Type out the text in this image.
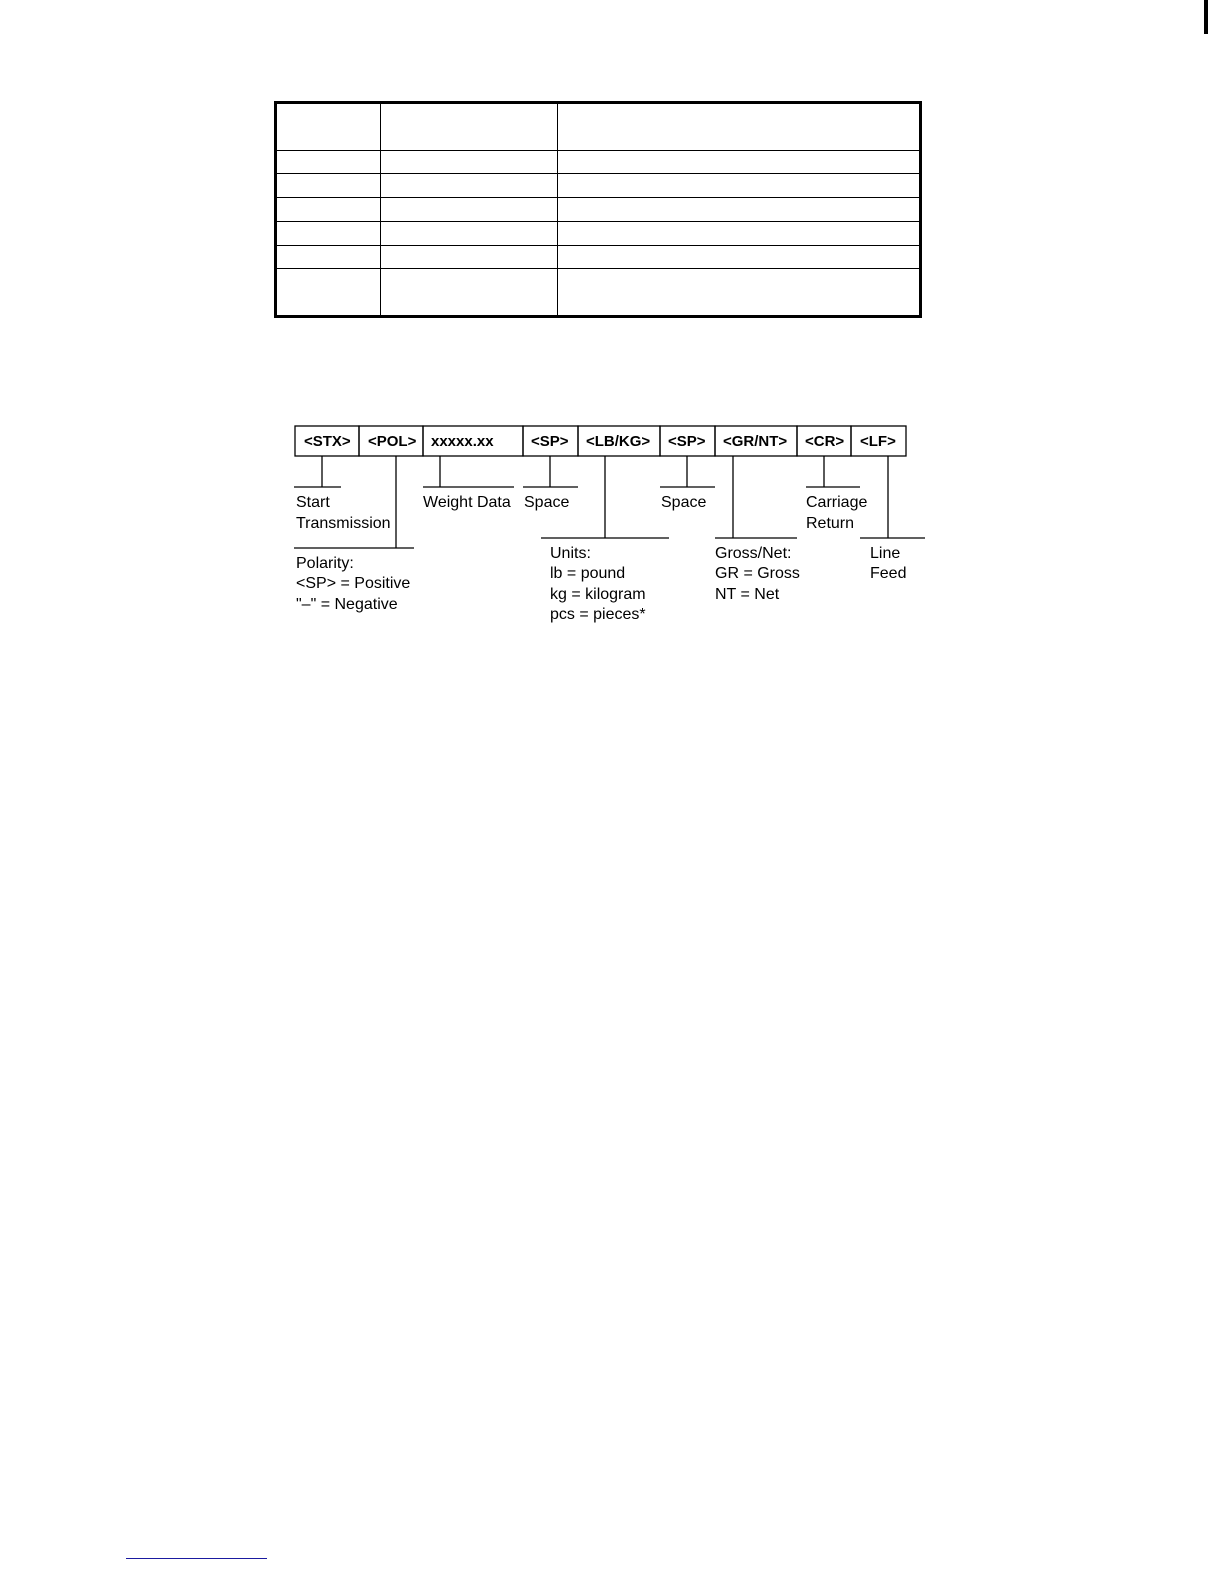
<STX> <POL> xxxxx.xx <SP> <LB/KG> <SP> <GR/NT> <CR> <LF>
Start
Transmission
Weight Data Space	Space	Carriage
Return
Polarity:
<SP> = Positive
"–" = Negative
Units:
lb = pound
kg = kilogram
pcs = pieces*
Gross/Net:
GR = Gross
NT = Net
Line
Feed
